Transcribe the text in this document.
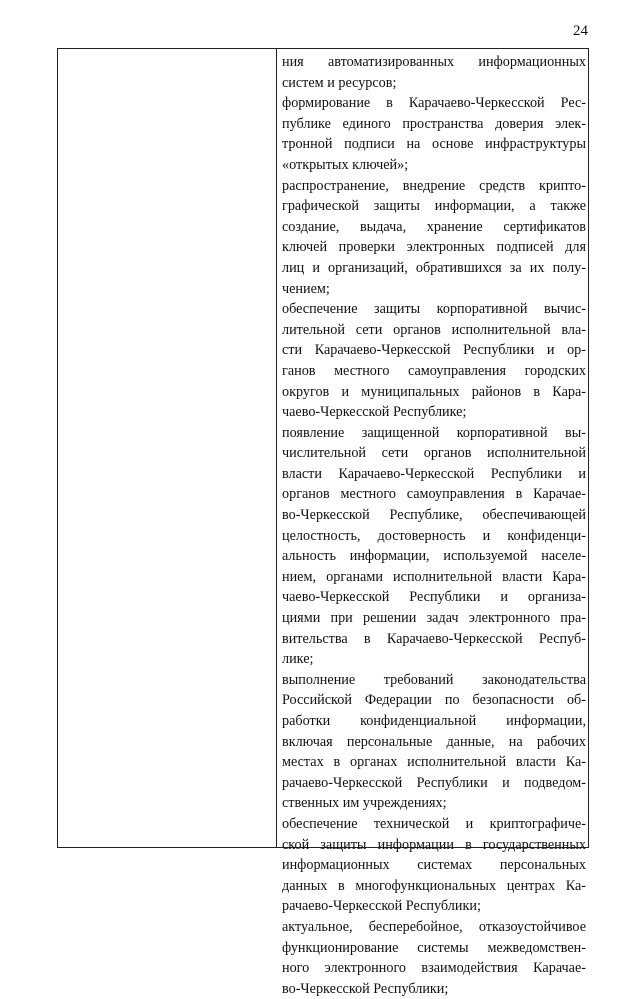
24
ния автоматизированных информационных
систем и ресурсов;
формирование в Карачаево-Черкесской Рес-
публике единого пространства доверия элек-
тронной подписи на основе инфраструктуры
«открытых ключей»;
распространение, внедрение средств крипто-
графической защиты информации, а также
создание, выдача, хранение сертификатов
ключей проверки электронных подписей для
лиц и организаций, обратившихся за их полу-
чением;
обеспечение защиты корпоративной вычис-
лительной сети органов исполнительной вла-
сти Карачаево-Черкесской Республики и ор-
ганов местного самоуправления городских
округов и муниципальных районов в Кара-
чаево-Черкесской Республике;
появление защищенной корпоративной вы-
числительной сети органов исполнительной
власти Карачаево-Черкесской Республики и
органов местного самоуправления в Карачае-
во-Черкесской Республике, обеспечивающей
целостность, достоверность и конфиденци-
альность информации, используемой населе-
нием, органами исполнительной власти Кара-
чаево-Черкесской Республики и организа-
циями при решении задач электронного пра-
вительства в Карачаево-Черкесской Респуб-
лике;
выполнение требований законодательства
Российской Федерации по безопасности об-
работки конфиденциальной информации,
включая персональные данные, на рабочих
местах в органах исполнительной власти Ка-
рачаево-Черкесской Республики и подведом-
ственных им учреждениях;
обеспечение технической и криптографиче-
ской защиты информации в государственных
информационных системах персональных
данных в многофункциональных центрах Ка-
рачаево-Черкесской Республики;
актуальное, бесперебойное, отказоустойчивое
функционирование системы межведомствен-
ного электронного взаимодействия Карачае-
во-Черкесской Республики;
